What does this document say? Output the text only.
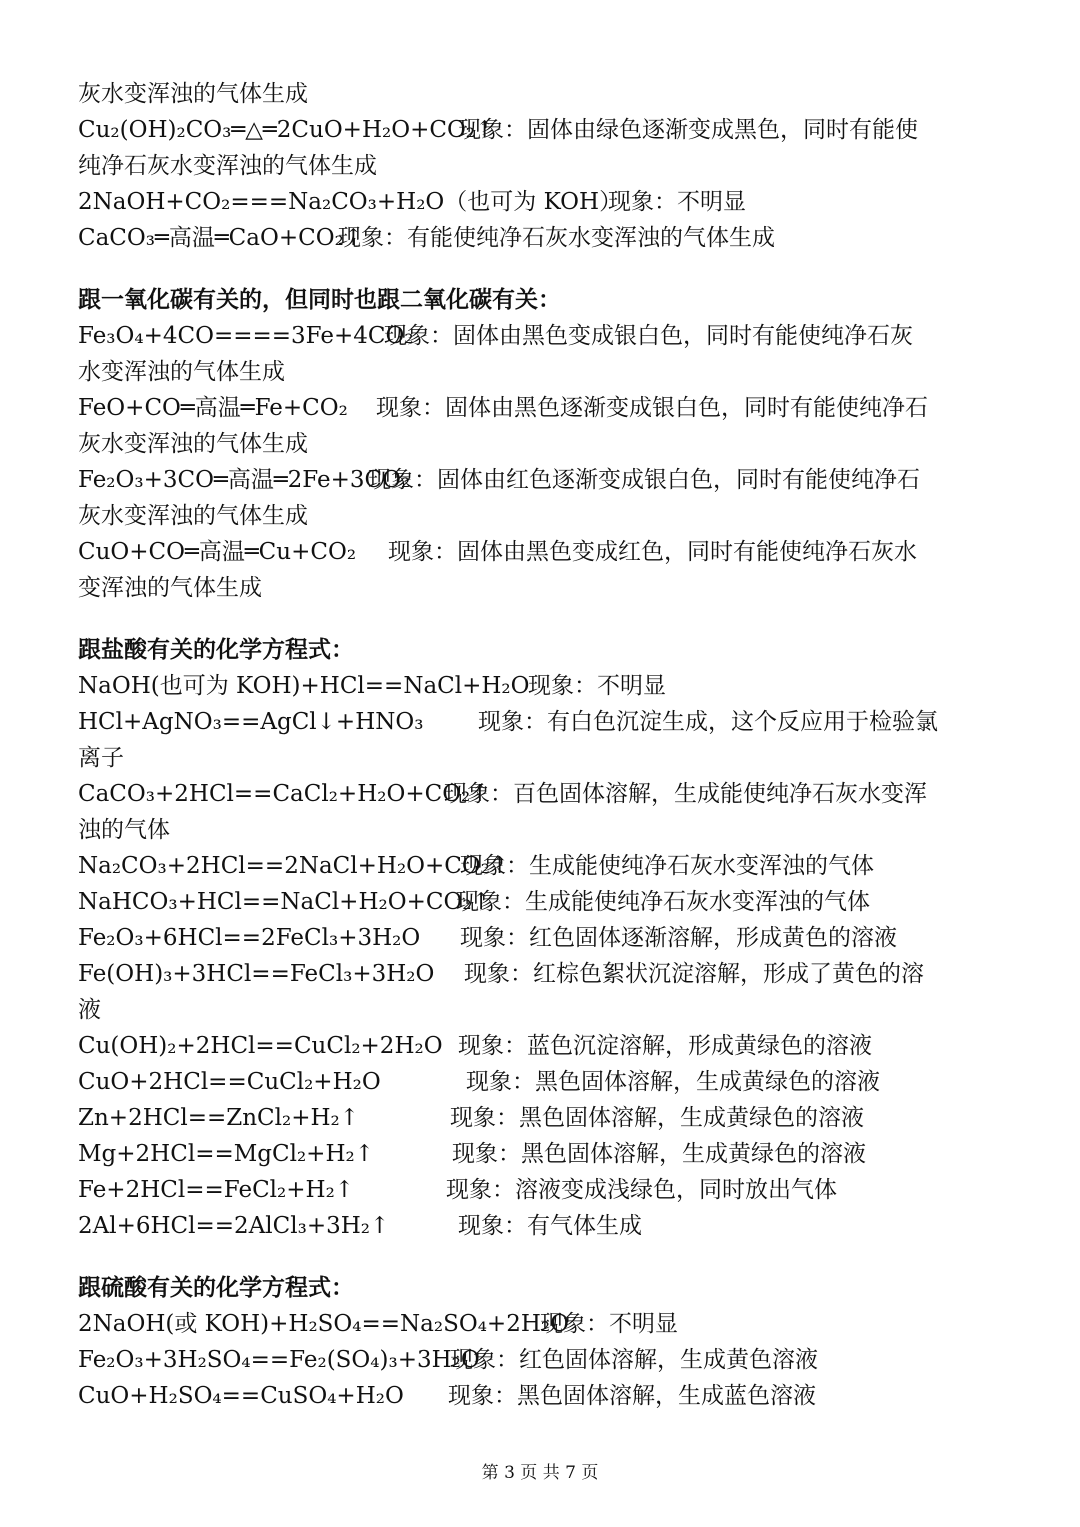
灰水变浑浊的气体生成
Cu₂(OH)₂CO₃═△═2CuO+H₂O+CO₂↑现象：固体由绿色逐渐变成黑色，同时有能使
纯净石灰水变浑浊的气体生成
2NaOH+CO₂===Na₂CO₃+H₂O（也可为 KOH）现象：不明显
CaCO₃═高温═CaO+CO₂↑现象：有能使纯净石灰水变浑浊的气体生成
跟一氧化碳有关的，但同时也跟二氧化碳有关：
Fe₃O₄+4CO====3Fe+4CO₂现象：固体由黑色变成银白色，同时有能使纯净石灰
水变浑浊的气体生成
FeO+CO═高温═Fe+CO₂ 现象：固体由黑色逐渐变成银白色，同时有能使纯净石
灰水变浑浊的气体生成
Fe₂O₃+3CO═高温═2Fe+3CO₂现象：固体由红色逐渐变成银白色，同时有能使纯净石
灰水变浑浊的气体生成
CuO+CO═高温═Cu+CO₂ 现象：固体由黑色变成红色，同时有能使纯净石灰水
变浑浊的气体生成
跟盐酸有关的化学方程式：
NaOH(也可为 KOH)+HCl==NaCl+H₂O现象：不明显
HCl+AgNO₃==AgCl↓+HNO₃ 现象：有白色沉淀生成，这个反应用于检验氯
离子
CaCO₃+2HCl==CaCl₂+H₂O+CO₂↑现象：百色固体溶解，生成能使纯净石灰水变浑
浊的气体
Na₂CO₃+2HCl==2NaCl+H₂O+CO₂↑现象：生成能使纯净石灰水变浑浊的气体
NaHCO₃+HCl==NaCl+H₂O+CO₂↑现象：生成能使纯净石灰水变浑浊的气体
Fe₂O₃+6HCl==2FeCl₃+3H₂O 现象：红色固体逐渐溶解，形成黄色的溶液
Fe(OH)₃+3HCl==FeCl₃+3H₂O 现象：红棕色絮状沉淀溶解，形成了黄色的溶
液
Cu(OH)₂+2HCl==CuCl₂+2H₂O 现象：蓝色沉淀溶解，形成黄绿色的溶液
CuO+2HCl==CuCl₂+H₂O	现象：黑色固体溶解，生成黄绿色的溶液
Zn+2HCl==ZnCl₂+H₂↑	现象：黑色固体溶解，生成黄绿色的溶液
Mg+2HCl==MgCl₂+H₂↑	现象：黑色固体溶解，生成黄绿色的溶液
Fe+2HCl==FeCl₂+H₂↑	现象：溶液变成浅绿色，同时放出气体
2Al+6HCl==2AlCl₃+3H₂↑	现象：有气体生成
跟硫酸有关的化学方程式：
2NaOH(或 KOH)+H₂SO₄==Na₂SO₄+2H₂O现象：不明显
Fe₂O₃+3H₂SO₄==Fe₂(SO₄)₃+3H₂O现象：红色固体溶解，生成黄色溶液
CuO+H₂SO₄==CuSO₄+H₂O 现象：黑色固体溶解，生成蓝色溶液
第 3 页 共 7 页
